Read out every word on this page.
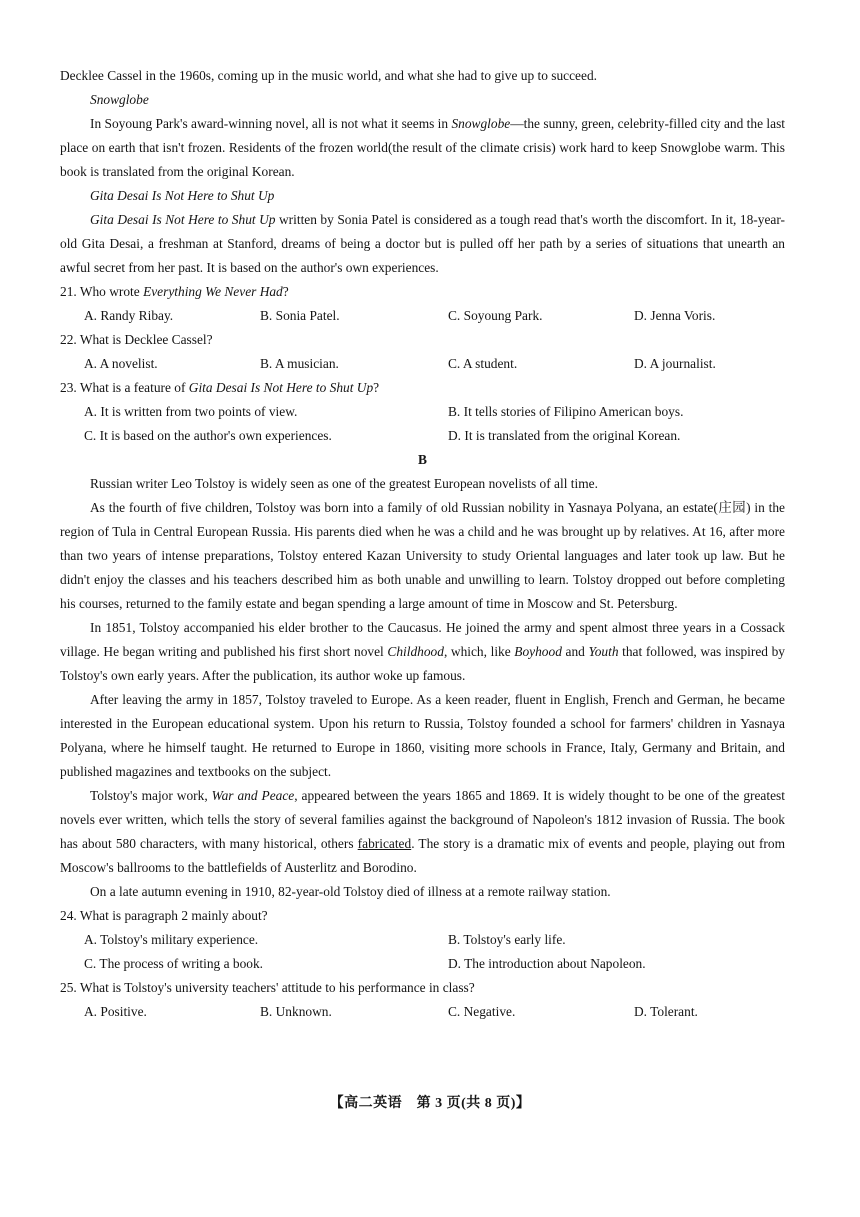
Decklee Cassel in the 1960s, coming up in the music world, and what she had to give up to succeed.
Snowglobe

In Soyoung Park's award-winning novel, all is not what it seems in Snowglobe—the sunny, green, celebrity-filled city and the last place on earth that isn't frozen. Residents of the frozen world(the result of the climate crisis) work hard to keep Snowglobe warm. This book is translated from the original Korean.

Gita Desai Is Not Here to Shut Up

Gita Desai Is Not Here to Shut Up written by Sonia Patel is considered as a tough read that's worth the discomfort. In it, 18-year-old Gita Desai, a freshman at Stanford, dreams of being a doctor but is pulled off her path by a series of situations that unearth an awful secret from her past. It is based on the author's own experiences.

21. Who wrote Everything We Never Had?
A. Randy Ribay.	B. Sonia Patel.	C. Soyoung Park.	D. Jenna Voris.
22. What is Decklee Cassel?
A. A novelist.	B. A musician.	C. A student.	D. A journalist.
23. What is a feature of Gita Desai Is Not Here to Shut Up?
A. It is written from two points of view.	B. It tells stories of Filipino American boys.
C. It is based on the author's own experiences.	D. It is translated from the original Korean.
B

Russian writer Leo Tolstoy is widely seen as one of the greatest European novelists of all time.

As the fourth of five children, Tolstoy was born into a family of old Russian nobility in Yasnaya Polyana, an estate(庄园) in the region of Tula in Central European Russia. His parents died when he was a child and he was brought up by relatives. At 16, after more than two years of intense preparations, Tolstoy entered Kazan University to study Oriental languages and later took up law. But he didn't enjoy the classes and his teachers described him as both unable and unwilling to learn. Tolstoy dropped out before completing his courses, returned to the family estate and began spending a large amount of time in Moscow and St. Petersburg.

In 1851, Tolstoy accompanied his elder brother to the Caucasus. He joined the army and spent almost three years in a Cossack village. He began writing and published his first short novel Childhood, which, like Boyhood and Youth that followed, was inspired by Tolstoy's own early years. After the publication, its author woke up famous.

After leaving the army in 1857, Tolstoy traveled to Europe. As a keen reader, fluent in English, French and German, he became interested in the European educational system. Upon his return to Russia, Tolstoy founded a school for farmers' children in Yasnaya Polyana, where he himself taught. He returned to Europe in 1860, visiting more schools in France, Italy, Germany and Britain, and published magazines and textbooks on the subject.

Tolstoy's major work, War and Peace, appeared between the years 1865 and 1869. It is widely thought to be one of the greatest novels ever written, which tells the story of several families against the background of Napoleon's 1812 invasion of Russia. The book has about 580 characters, with many historical, others fabricated. The story is a dramatic mix of events and people, playing out from Moscow's ballrooms to the battlefields of Austerlitz and Borodino.

On a late autumn evening in 1910, 82-year-old Tolstoy died of illness at a remote railway station.

24. What is paragraph 2 mainly about?
A. Tolstoy's military experience.	B. Tolstoy's early life.
C. The process of writing a book.	D. The introduction about Napoleon.
25. What is Tolstoy's university teachers' attitude to his performance in class?
A. Positive.	B. Unknown.	C. Negative.	D. Tolerant.
【高二英语　第 3 页(共 8 页)】
